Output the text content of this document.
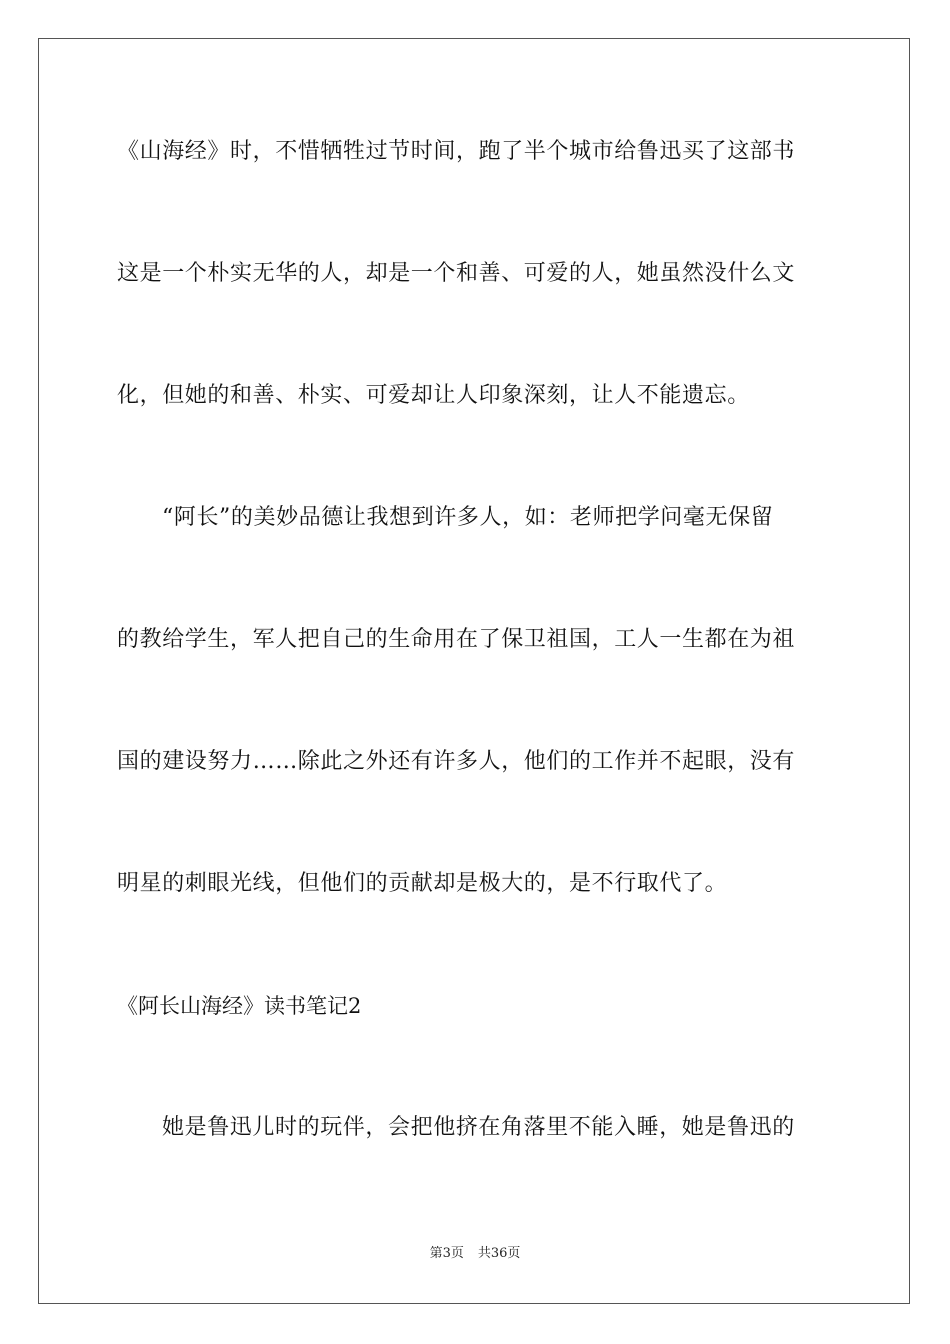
《山海经》时，不惜牺牲过节时间，跑了半个城市给鲁迅买了这部书
这是一个朴实无华的人，却是一个和善、可爱的人，她虽然没什么文
化，但她的和善、朴实、可爱却让人印象深刻，让人不能遗忘。
“阿长”的美妙品德让我想到许多人，如：老师把学问毫无保留
的教给学生，军人把自己的生命用在了保卫祖国，工人一生都在为祖
国的建设努力……除此之外还有许多人，他们的工作并不起眼，没有
明星的刺眼光线，但他们的贡献却是极大的，是不行取代了。
《阿长山海经》读书笔记2
她是鲁迅儿时的玩伴，会把他挤在角落里不能入睡，她是鲁迅的
第3页 共36页
